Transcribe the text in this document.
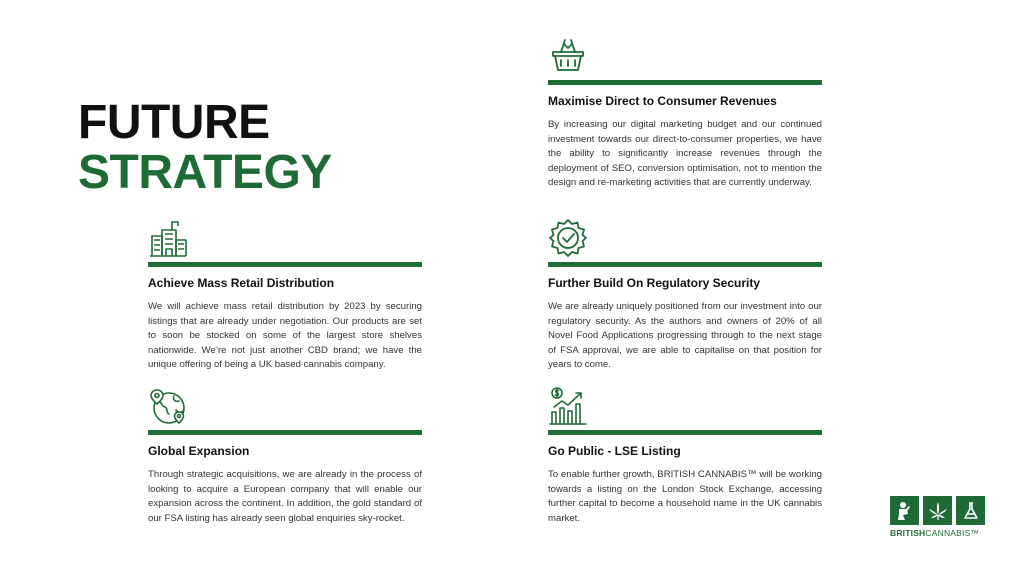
FUTURE
STRATEGY
Maximise Direct to Consumer Revenues

By increasing our digital marketing budget and our continued investment towards our direct-to-consumer properties, we have the ability to significantly increase revenues through the deployment of SEO, conversion optimisation, not to mention the design and re-marketing activities that are currently underway.

Achieve Mass Retail Distribution

We will achieve mass retail distribution by 2023 by securing listings that are already under negotiation. Our products are set to soon be stocked on some of the largest store shelves nationwide. We’re not just another CBD brand; we have the unique offering of being a UK based cannabis company.

Further Build On Regulatory Security

We are already uniquely positioned from our investment into our regulatory security. As the authors and owners of 20% of all Novel Food Applications progressing through to the next stage of FSA approval, we are able to capitalise on that position for years to come.

Global Expansion

Through strategic acquisitions, we are already in the process of looking to acquire a European company that will enable our expansion across the continent. In addition, the gold standard of our FSA listing has already seen global enquiries sky-rocket.

Go Public - LSE Listing

To enable further growth, BRITISH CANNABIS™ will be working towards a listing on the London Stock Exchange, accessing further capital to become a household name in the UK cannabis market.

BRITISHCANNABIS™
